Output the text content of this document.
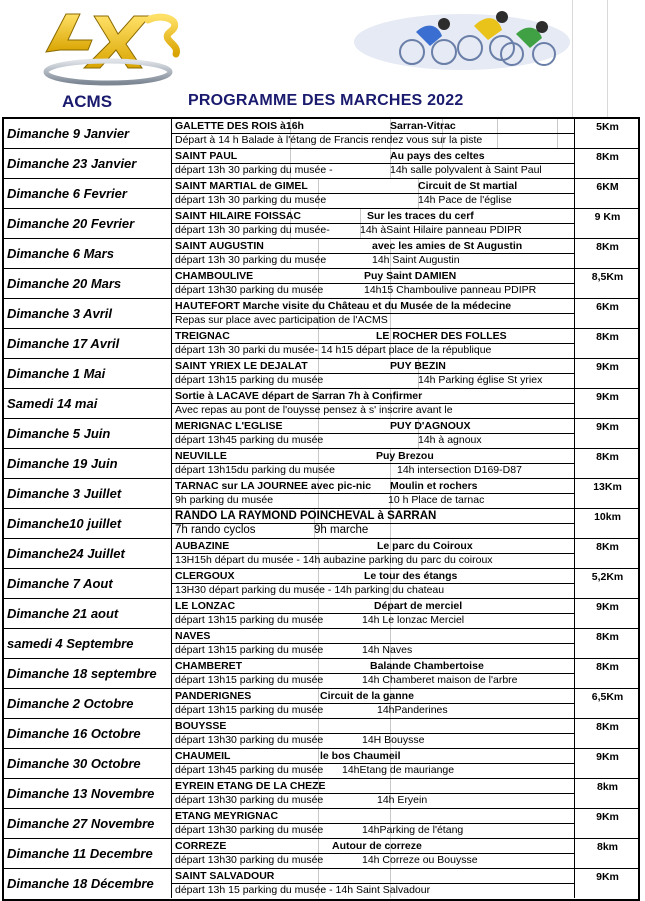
ACMS	PROGRAMME DES MARCHES 2022
Dimanche 9 Janvier	GALETTE DES ROIS à16h	Sarran-Vitrac
Départ à 14 h Balade à l'étang de Francis rendez vous sur la piste
5Km
Dimanche 23 Janvier	SAINT PAUL	Au pays des celtes
départ 13h 30 parking du musée -	14h salle polyvalent à Saint Paul
8Km
Dimanche 6 Fevrier	SAINT MARTIAL de GIMEL	Circuit de St martial
départ 13h 30 parking du musée	14h Pace de l'église
6KM
Dimanche 20 Fevrier	SAINT HILAIRE FOISSAC	Sur les traces du cerf
départ 13h 30 parking du musée-	14h àSaint Hilaire panneau PDIPR
9 Km
Dimanche 6 Mars	SAINT AUGUSTIN	avec les amies de St Augustin
départ 13h 30 parking du musée	14h Saint Augustin
8Km
Dimanche 20 Mars	CHAMBOULIVE	Puy Saint DAMIEN
départ 13h30 parking du musée	14h15 Chamboulive panneau PDIPR
8,5Km
Dimanche 3 Avril	HAUTEFORT Marche visite du Château et du Musée de la médecine
Repas sur place avec participation de l'ACMS
6Km
Dimanche 17 Avril	TREIGNAC	LE ROCHER DES FOLLES
départ 13h 30 parki du musée- 14 h15 départ place de la république
8Km
Dimanche 1 Mai	SAINT YRIEX LE DEJALAT	PUY BEZIN
départ 13h15 parking du musée	14h Parking église St yriex
9Km
Samedi 14 mai	Sortie à LACAVE départ de Sarran 7h à Confirmer
Avec repas au pont de l'ouysse pensez à s' inscrire avant le
9Km
Dimanche 5 Juin	MERIGNAC L'EGLISE	PUY D'AGNOUX
départ 13h45 parking du musée	14h à agnoux
9Km
Dimanche 19 Juin	NEUVILLE	Puy Brezou
départ 13h15du parking du musée	14h intersection D169-D87
8Km
Dimanche 3 Juillet	TARNAC sur LA JOURNEE avec pic-nic Moulin et rochers
9h parking du musée	10 h Place de tarnac
13Km
Dimanche10 juillet	RANDO LA RAYMOND POINCHEVAL à SARRAN
7h rando cyclos	9h marche
10km
Dimanche24 Juillet	AUBAZINE	Le parc du Coiroux
13H15h départ du musée - 14h aubazine parking du parc du coiroux
8Km
Dimanche 7 Aout	CLERGOUX	Le tour des étangs
13H30 départ parking du musée - 14h parking du chateau
5,2Km
Dimanche 21 aout	LE LONZAC	Départ de merciel
départ 13h15 parking du musée	14h Le lonzac Merciel
9Km
samedi 4 Septembre	NAVES
départ 13h15 parking du musée	14h Naves
8Km
Dimanche 18 septembre	CHAMBERET	Balande Chambertoise
départ 13h15 parking du musée	14h Chamberet maison de l'arbre
8Km
Dimanche 2 Octobre	PANDERIGNES	Circuit de la ganne
départ 13h15 parking du musée	14hPanderines
6,5Km
Dimanche 16 Octobre	BOUYSSE
départ 13h30 parking du musée	14H Bouysse
8Km
Dimanche 30 Octobre	CHAUMEIL	le bos Chaumeil
départ 13h45 parking du musée 14hEtang de mauriange
9Km
Dimanche 13 Novembre	EYREIN ETANG DE LA CHEZE
départ 13h30 parking du musée	14h Eryein
8km
Dimanche 27 Novembre	ETANG MEYRIGNAC
départ 13h30 parking du musée	14hParking de l'étang
9Km
Dimanche 11 Decembre	CORREZE	Autour de correze
départ 13h30 parking du musée	14h Correze ou Bouysse
8km
Dimanche 18 Décembre	SAINT SALVADOUR
départ 13h 15 parking du musée - 14h Saint Salvadour
9Km
